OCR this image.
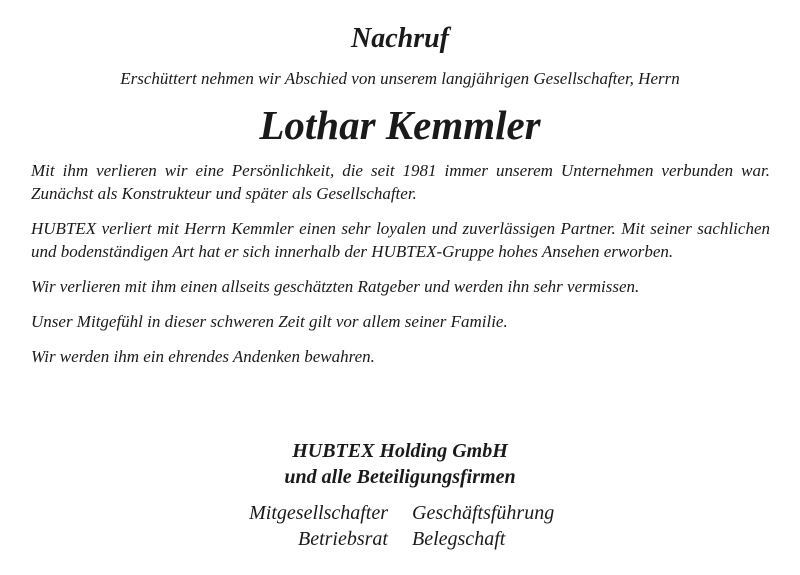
Nachruf
Erschüttert nehmen wir Abschied von unserem langjährigen Gesellschafter, Herrn
Lothar Kemmler

Mit ihm verlieren wir eine Persönlichkeit, die seit 1981 immer unserem Unternehmen verbunden war. Zunächst als Konstrukteur und später als Gesellschafter.

HUBTEX verliert mit Herrn Kemmler einen sehr loyalen und zuverlässigen Partner. Mit seiner sachlichen und bodenständigen Art hat er sich innerhalb der HUBTEX-Gruppe hohes Ansehen erworben.

Wir verlieren mit ihm einen allseits geschätzten Ratgeber und werden ihn sehr vermissen.

Unser Mitgefühl in dieser schweren Zeit gilt vor allem seiner Familie.

Wir werden ihm ein ehrendes Andenken bewahren.

HUBTEX Holding GmbH
und alle Beteiligungsfirmen
Mitgesellschafter	Geschäftsführung
Betriebsrat	Belegschaft
